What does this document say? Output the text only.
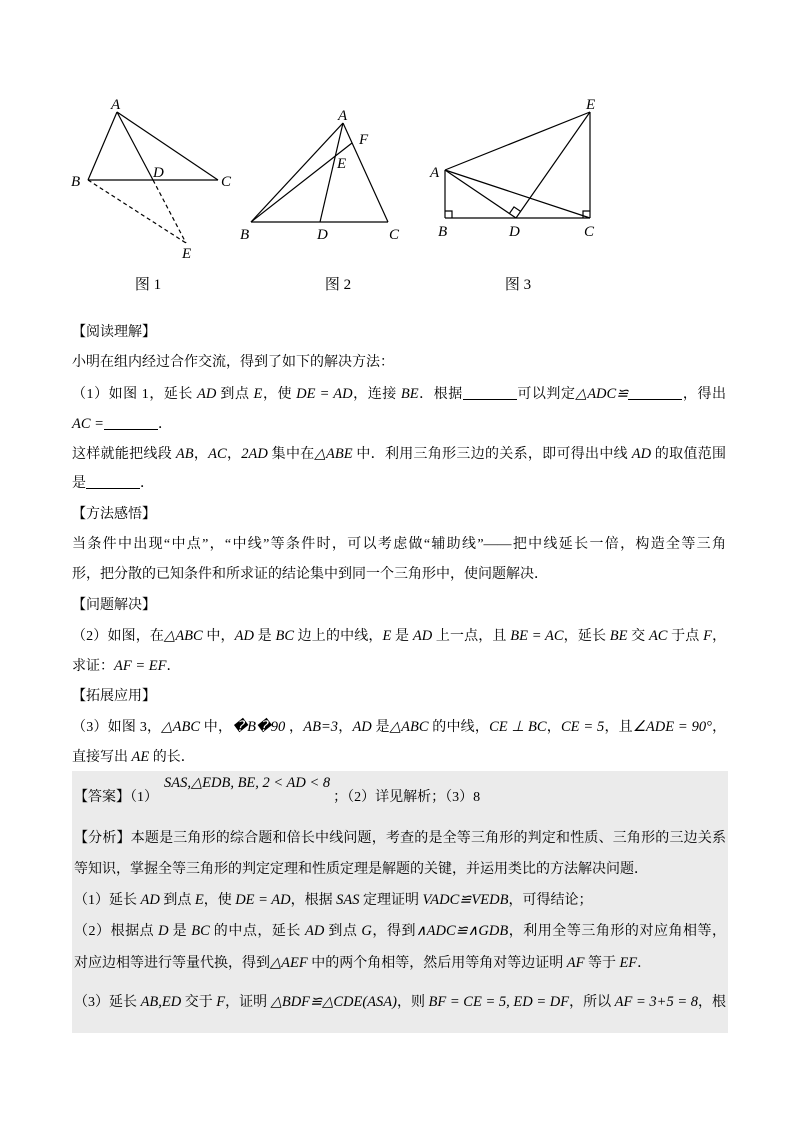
A
B
D
C
E
图 1
A
F
E
B	D	C
图 2
E
A
B	D	C
图 3
【阅读理解】
小明在组内经过合作交流，得到了如下的解决方法：
（1）如图 1，延长 AD 到点 E，使 DE = AD，连接 BE．根据	可以判定△ADC≌	，得出
AC =	．
这样就能把线段 AB，AC，2AD 集中在△ABE 中．利用三角形三边的关系，即可得出中线 AD 的取值范围
是	．
【方法感悟】
当条件中出现“中点”，“中线”等条件时，可以考虑做“辅助线”——把中线延长一倍，构造全等三角
形，把分散的已知条件和所求证的结论集中到同一个三角形中，使问题解决．
【问题解决】
（2）如图，在△ABC 中，AD 是 BC 边上的中线，E 是 AD 上一点，且 BE = AC，延长 BE 交 AC 于点 F，
求证：AF = EF．
【拓展应用】
（3）如图 3，△ABC 中，�B�90 ，AB=3，AD 是△ABC 的中线，CE ⊥ BC，CE = 5，且∠ADE = 90°，
直接写出 AE 的长．
【答案】（1）SAS,△EDB, BE, 2 < AD < 8；（2）详见解析；（3）8
【分析】本题是三角形的综合题和倍长中线问题，考查的是全等三角形的判定和性质、三角形的三边关系
等知识，掌握全等三角形的判定定理和性质定理是解题的关键，并运用类比的方法解决问题．
（1）延长 AD 到点 E，使 DE = AD，根据 SAS 定理证明 VADC≌VEDB，可得结论；
（2）根据点 D 是 BC 的中点，延长 AD 到点 G，得到∧ADC≌∧GDB，利用全等三角形的对应角相等，
对应边相等进行等量代换，得到△AEF 中的两个角相等，然后用等角对等边证明 AF 等于 EF．
（3）延长 AB,ED 交于 F，证明 △BDF≌△CDE(ASA)，则 BF = CE = 5, ED = DF，所以 AF = 3+5 = 8，根
